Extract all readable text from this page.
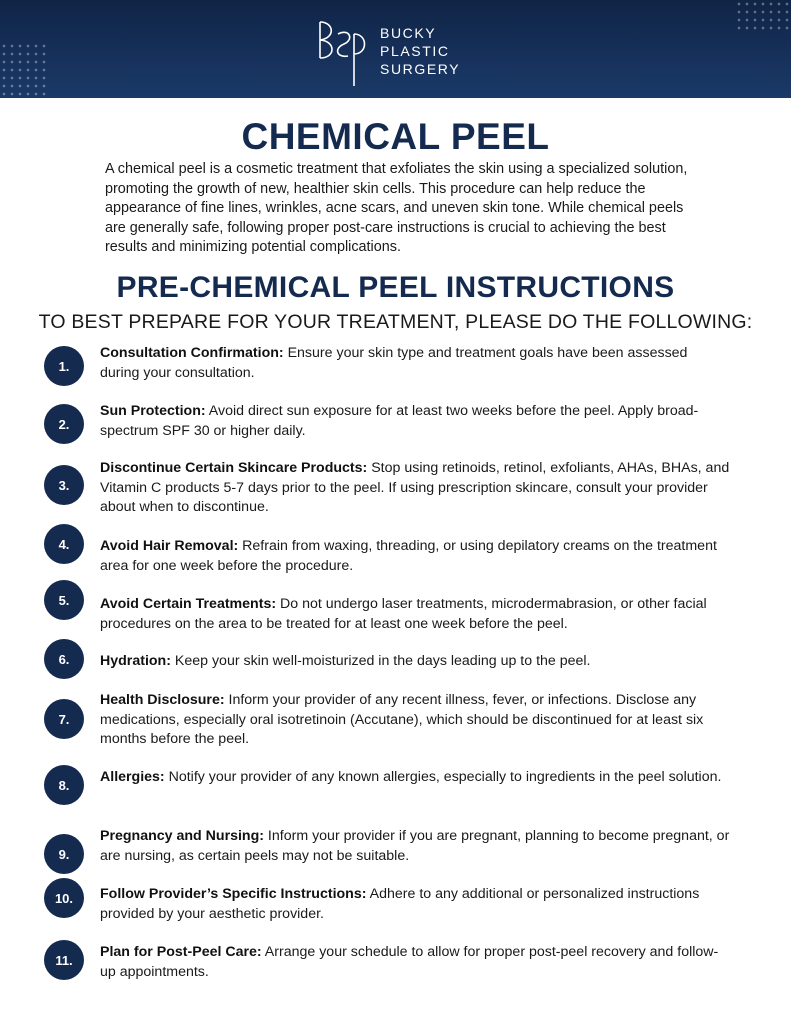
BUCKY
PLASTIC
SURGERY
CHEMICAL PEEL

A chemical peel is a cosmetic treatment that exfoliates the skin using a specialized solution, promoting the growth of new, healthier skin cells. This procedure can help reduce the appearance of fine lines, wrinkles, acne scars, and uneven skin tone. While chemical peels are generally safe, following proper post-care instructions is crucial to achieving the best results and minimizing potential complications.

PRE-CHEMICAL PEEL INSTRUCTIONS
TO BEST PREPARE FOR YOUR TREATMENT, PLEASE DO THE FOLLOWING:
1.
Consultation Confirmation: Ensure your skin type and treatment goals have been assessed during your consultation.
2.
Sun Protection: Avoid direct sun exposure for at least two weeks before the peel. Apply broad-spectrum SPF 30 or higher daily.
3.
Discontinue Certain Skincare Products: Stop using retinoids, retinol, exfoliants, AHAs, BHAs, and Vitamin C products 5-7 days prior to the peel. If using prescription skincare, consult your provider about when to discontinue.
4.	Avoid Hair Removal: Refrain from waxing, threading, or using depilatory creams on the treatment area for one week before the procedure.
5.	Avoid Certain Treatments: Do not undergo laser treatments, microdermabrasion, or other facial procedures on the area to be treated for at least one week before the peel.
6.	Hydration: Keep your skin well-moisturized in the days leading up to the peel.
7.
Health Disclosure: Inform your provider of any recent illness, fever, or infections. Disclose any medications, especially oral isotretinoin (Accutane), which should be discontinued for at least six months before the peel.
8.	Allergies: Notify your provider of any known allergies, especially to ingredients in the peel solution.
9.
Pregnancy and Nursing: Inform your provider if you are pregnant, planning to become pregnant, or are nursing, as certain peels may not be suitable.
10.	Follow Provider’s Specific Instructions: Adhere to any additional or personalized instructions provided by your aesthetic provider.
11.	Plan for Post-Peel Care: Arrange your schedule to allow for proper post-peel recovery and follow-up appointments.
